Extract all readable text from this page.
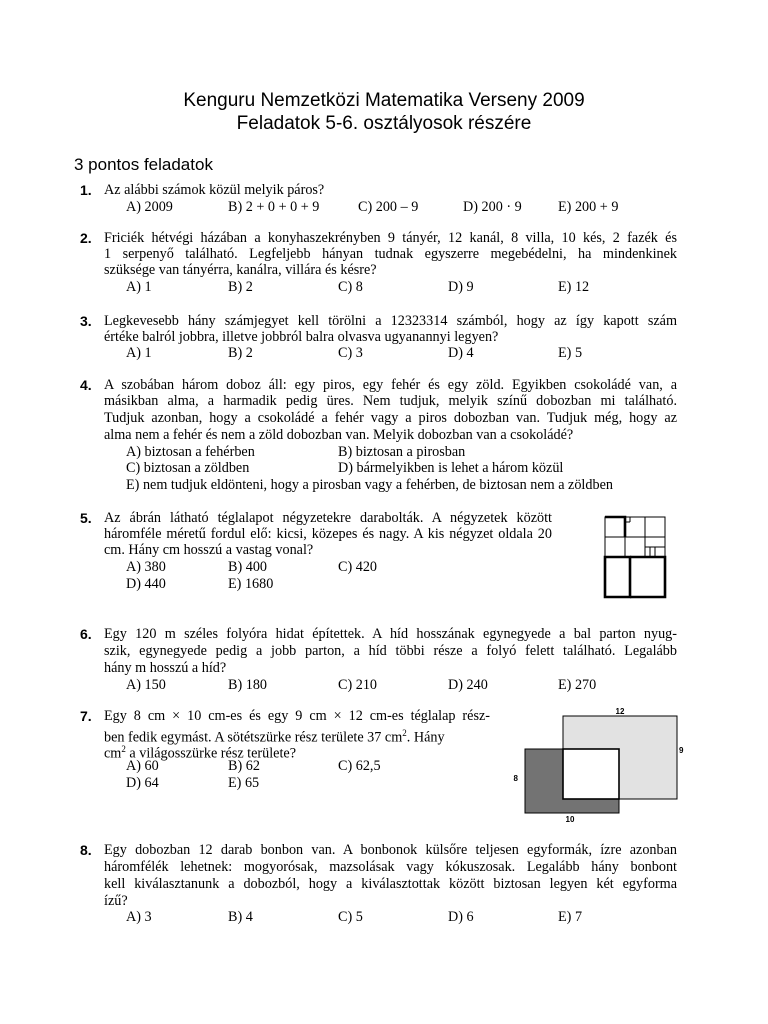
Kenguru Nemzetközi Matematika Verseny 2009
Feladatok 5-6. osztályosok részére
3 pontos feladatok
1. Az alábbi számok közül melyik páros?
A) 2009	B) 2 + 0 + 0 + 9	C) 200 – 9	D) 200 · 9	E) 200 + 9
2. Friciék hétvégi házában a konyhaszekrényben 9 tányér, 12 kanál, 8 villa, 10 kés, 2 fazék és
1 serpenyő található. Legfeljebb hányan tudnak egyszerre megebédelni, ha mindenkinek
szüksége van tányérra, kanálra, villára és késre?
A) 1	B) 2	C) 8	D) 9	E) 12
3. Legkevesebb hány számjegyet kell törölni a 12323314 számból, hogy az így kapott szám
értéke balról jobbra, illetve jobbról balra olvasva ugyanannyi legyen?
A) 1	B) 2	C) 3	D) 4	E) 5
4. A szobában három doboz áll: egy piros, egy fehér és egy zöld. Egyikben csokoládé van, a
másikban alma, a harmadik pedig üres. Nem tudjuk, melyik színű dobozban mi található.
Tudjuk azonban, hogy a csokoládé a fehér vagy a piros dobozban van. Tudjuk még, hogy az
alma nem a fehér és nem a zöld dobozban van. Melyik dobozban van a csokoládé?
A) biztosan a fehérben	B) biztosan a pirosban
C) biztosan a zöldben	D) bármelyikben is lehet a három közül
E) nem tudjuk eldönteni, hogy a pirosban vagy a fehérben, de biztosan nem a zöldben
5. Az ábrán látható téglalapot négyzetekre darabolták. A négyzetek között
háromféle méretű fordul elő: kicsi, közepes és nagy. A kis négyzet oldala 20
cm. Hány cm hosszú a vastag vonal?
A) 380	B) 400	C) 420
D) 440	E) 1680
6. Egy 120 m széles folyóra hidat építettek. A híd hosszának egynegyede a bal parton nyug-
szik, egynegyede pedig a jobb parton, a híd többi része a folyó felett található. Legalább
hány m hosszú a híd?
A) 150	B) 180	C) 210	D) 240	E) 270
7. Egy 8 cm × 10 cm-es és egy 9 cm × 12 cm-es téglalap rész-
ben fedik egymást. A sötétszürke rész területe 37 $cm^2$. Hány
$cm^2$ a világosszürke rész területe?
A) 60	B) 62	C) 62,5
D) 64	E) 65
12
9
8
10
8. Egy dobozban 12 darab bonbon van. A bonbonok külsőre teljesen egyformák, ízre azonban
háromfélék lehetnek: mogyorósak, mazsolásak vagy kókuszosak. Legalább hány bonbont
kell kiválasztanunk a dobozból, hogy a kiválasztottak között biztosan legyen két egyforma
ízű?
A) 3	B) 4	C) 5	D) 6	E) 7
